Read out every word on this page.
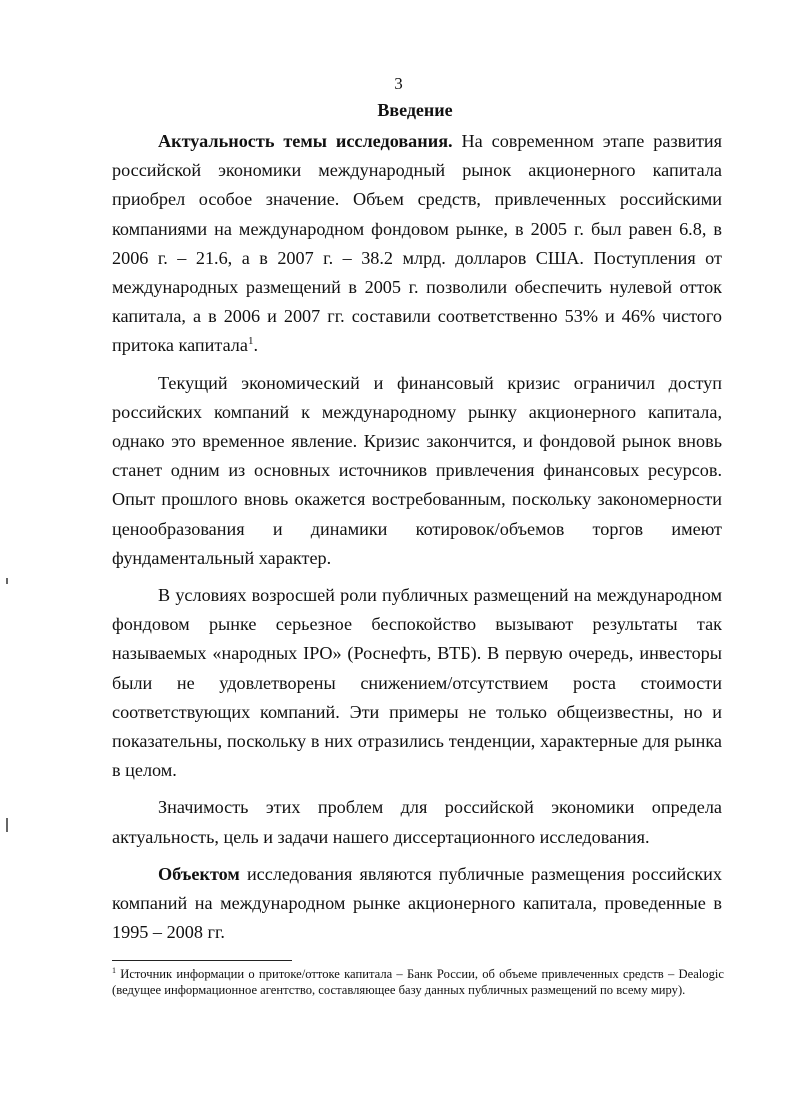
3
Введение

Актуальность темы исследования. На современном этапе развития российской экономики международный рынок акционерного капитала приобрел особое значение. Объем средств, привлеченных российскими компаниями на международном фондовом рынке, в 2005 г. был равен 6.8, в 2006 г. – 21.6, а в 2007 г. – 38.2 млрд. долларов США. Поступления от международных размещений в 2005 г. позволили обеспечить нулевой отток капитала, а в 2006 и 2007 гг. составили соответственно 53% и 46% чистого притока капитала$^1$.

Текущий экономический и финансовый кризис ограничил доступ российских компаний к международному рынку акционерного капитала, однако это временное явление. Кризис закончится, и фондовой рынок вновь станет одним из основных источников привлечения финансовых ресурсов. Опыт прошлого вновь окажется востребованным, поскольку закономерности ценообразования и динамики котировок/объемов торгов имеют фундаментальный характер.

В условиях возросшей роли публичных размещений на международном фондовом рынке серьезное беспокойство вызывают результаты так называемых «народных IPO» (Роснефть, ВТБ). В первую очередь, инвесторы были не удовлетворены снижением/отсутствием роста стоимости соответствующих компаний. Эти примеры не только общеизвестны, но и показательны, поскольку в них отразились тенденции, характерные для рынка в целом.

Значимость этих проблем для российской экономики определа актуальность, цель и задачи нашего диссертационного исследования.

Объектом исследования являются публичные размещения российских компаний на международном рынке акционерного капитала, проведенные в 1995 – 2008 гг.

$^1$ Источник информации о притоке/оттоке капитала – Банк России, об объеме привлеченных средств – Dealogic (ведущее информационное агентство, составляющее базу данных публичных размещений по всему миру).
